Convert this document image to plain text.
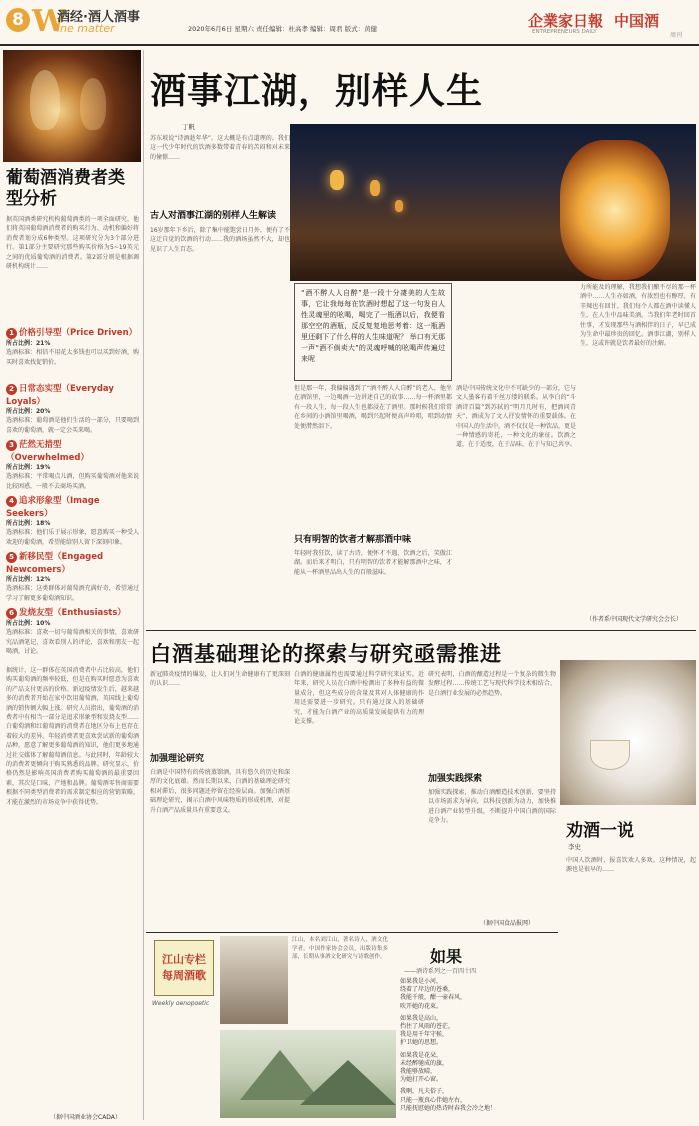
8 W
酒经·酒人酒事
ine matter	2020年6月6日 星期六 责任编辑：杜高孝 编辑：周君 版式：黄健	企業家日報 中国酒
ENTREPRENEURS DAILY	周刊
葡萄酒消费者类型分析
据英国酒类研究机构葡萄酒类的一项全面研究，他们将英国葡萄酒消费者的购买行为、动机和偏好将消费者划分成6种类型。这项研究分为3个部分进行。第1部分主要研究那些购买价格为5~19英元之间的优质葡萄酒的消费者。第2部分则是根据调研机构统计……
1 价格引导型（Price Driven）
所占比例：21%
选酒标准：相信不用花太多钱也可以买到好酒，购买时喜欢找促销价。
2 日常态实型（Everyday Loyals）
所占比例：20%
选酒标准：葡萄酒是他们生活的一部分，只要喝到喜欢的葡萄酒，就一定会买来喝。
3 茫然无措型（Overwhelmed）
所占比例：19%
选酒标准：平常喝点儿酒，但购买葡萄酒对他来说比较困惑，一般不去商场买酒。
4 追求形象型（Image Seekers）
所占比例：18%
选酒标准：他们乐于展示形象，愿意购买一种受人欢迎的葡萄酒，希望能给别人留下深刻印象。
5 新移民型（Engaged Newcomers）
所占比例：12%
选酒标准：这类群体对葡萄酒充满好奇，希望通过学习了解更多葡萄酒知识。
6 发烧友型（Enthusiasts）
所占比例：10%
选酒标准：喜欢一切与葡萄酒相关的事情，喜欢研究品酒笔记，喜欢看别人的评论，喜欢和朋友一起喝酒，讨论。
据统计，这一群体在英国消费者中占比较高，他们购买葡萄酒的频率较低，但是在购买时愿意为喜欢的产品支付更高的价格。新冠疫情发生后，越来越多的消费者开始在家中饮用葡萄酒，英国线上葡萄酒的销售额大幅上涨。研究人员指出，葡萄酒的消费者中有相当一部分是追求形象型和发烧友型……白葡萄酒和红葡萄酒的消费者在地区分布上也存在着较大的差异。年轻消费者更喜欢尝试新的葡萄酒品种，愿意了解更多葡萄酒的知识，他们更多地通过社交媒体了解葡萄酒信息。与此同时，年龄较大的消费者更倾向于购买熟悉的品牌。研究显示，价格仍然是影响英国消费者购买葡萄酒的最重要因素，其次是口味、产地和品牌。葡萄酒零售商需要根据不同类型消费者的需求制定相应的营销策略，才能在激烈的市场竞争中获得优势。
（据中国酒业协会CADA）
酒事江湖，别样人生
丁帆
苏东坡说“诗酒趁年华”。这大概是有点道理的。我们这一代少年时代的饮酒多数带着青春的苦闷和对未来的憧憬……
古人对酒事江湖的别样人生解读
16岁那年下乡后，除了集中能饱尝日月外，便有了不这迁自觉的饮酒的行动……我的酒场虽然不大，却也见识了人生百态。
“酒不醉人人自醉”是一段十分凄美的人生故事，它让我每每在饮酒时想起了这一句发自人性灵魂里的吆喝，喝完了一瓶酒以后，我便看那空空的酒瓶，反反复复地思考着：这一瓶酒里还剩下了什么样的人生味道呢？ 举口有无那一声“酒不倘卖大”的灵魂呼喊的吆喝声传遍过来呢
但是那一年，我偏偏遇到了“酒不醉人人自醉”的老人，他坐在酒馆里，一边喝酒一边讲述自己的故事……每一杯酒里都有一段人生，每一段人生也都浸在了酒里。那时候我们常常在乡间的小酒馆里喝酒，喝到兴起时便高声吟唱，唱到动情处便潸然泪下。
只有明智的饮者才解那酒中味
年轻时我狂饮，读了古诗，便怀才不遇，饮酒之后，笑傲江湖。而后来才明白，只有明智的饮者才能解那酒中之味，才能从一杯酒里品出人生的百般滋味。
酒是中国传统文化中不可缺少的一部分，它与文人墨客有着千丝万缕的联系。从李白的“斗酒诗百篇”到苏轼的“明月几时有，把酒问青天”，酒成为了文人抒发情怀的重要载体。在中国人的生活中，酒不仅仅是一种饮品，更是一种情感的寄托，一种文化的象征。饮酒之道，在于适度，在于品味，在于与知己共享。
力所能及的理解，我想我们酿不尽的那一杯酒中……人生亦如酒，有浓烈也有醇厚，有辛辣也有回甘。我们每个人都在酒中读懂人生，在人生中品味美酒。当我们年老时回首往事，才发现那些与酒相伴的日子，早已成为生命中最珍贵的回忆。酒事江湖，别样人生，这或许就是饮者最好的注解。
（作者系中国现代文学研究会会长）
白酒基础理论的探索与研究亟需推进
新冠肺炎疫情的爆发，让人们对生命健康有了更深刻的认识……
加强理论研究
白酒是中国特有的传统蒸馏酒，具有悠久的历史和深厚的文化底蕴。然而长期以来，白酒的基础理论研究相对滞后，很多问题还停留在经验层面。加强白酒基础理论研究，揭示白酒中风味物质的形成机理，对提升白酒产品质量具有重要意义。
白酒的健康属性也需要通过科学研究来证实。近年来，研究人员在白酒中检测出了多种有益的微量成分，但这些成分的含量及其对人体健康的作用还需要进一步研究。只有通过深入的基础研究，才能为白酒产业的高质量发展提供有力的理论支撑。
研究表明，白酒的酿造过程是一个复杂的微生物发酵过程……传统工艺与现代科学技术相结合，是白酒行业发展的必然趋势。
加强实践探索
加强实践探索，推动白酒酿造技术创新，要坚持以市场需求为导向，以科技创新为动力，加快推进白酒产业转型升级，不断提升中国白酒的国际竞争力。
（据中国食品报网）
劝酒一说
李史
中国人饮酒时，报喜饮欢人多欢。这种情况，起源也是很早的……
江山专栏
每周酒歌
Weekly oenopoetic
江山，本名刘江山，著名诗人，酒文化学者。中国作家协会会员，出版诗集多部，长期从事酒文化研究与诗歌创作。	如果
——酒诗系列之一百四十四
如果我是小河，
绕着了岸边的苍桑，
我能千般，酣一壶春风，
吹开她的花束。
如果我是高山，
挡住了风雨的苍茫，
我是用千年守候，
护卫她的思想。
如果我是花朵，
未经醉驰成的旗，
我能够放晴，
为她打开心窗。
我啊，凡夫俗子，
只能一瓶真心伴她左右，
只能抚慰她的热诗时春我会冷之地！
